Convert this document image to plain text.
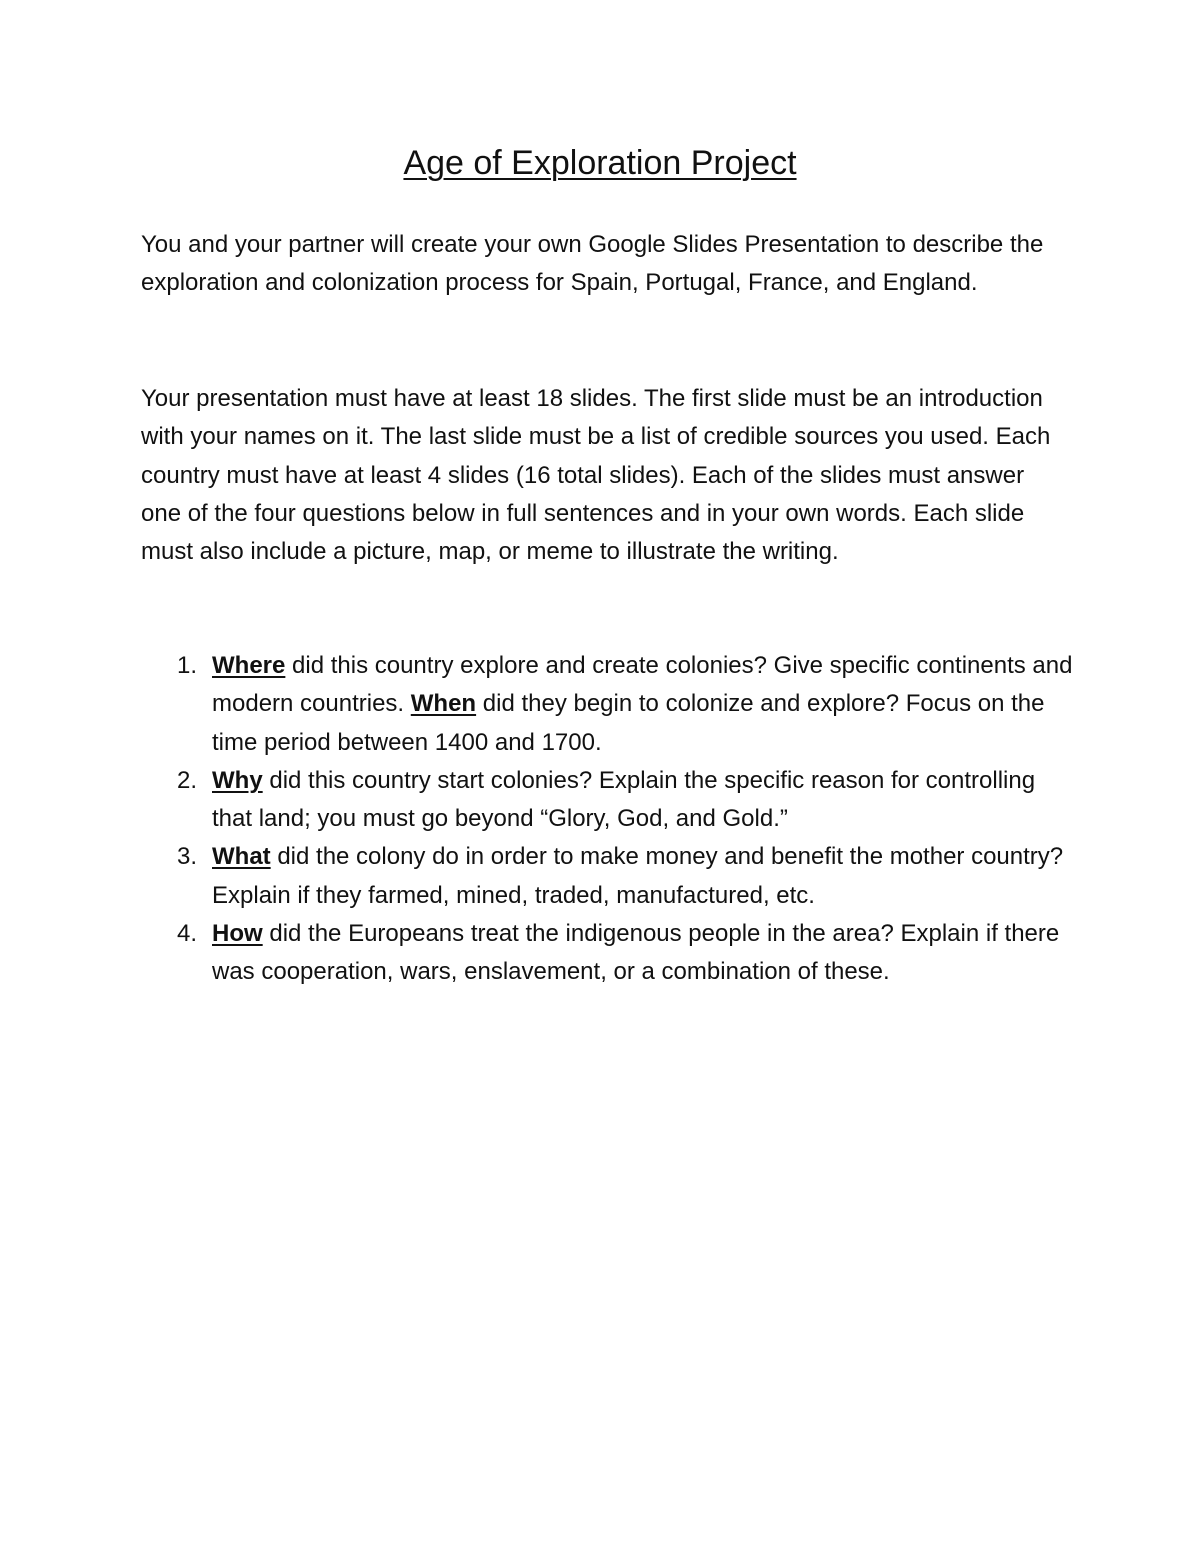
Age of Exploration Project

You and your partner will create your own Google Slides Presentation to describe the exploration and colonization process for Spain, Portugal, France, and England.

Your presentation must have at least 18 slides. The first slide must be an introduction with your names on it. The last slide must be a list of credible sources you used. Each country must have at least 4 slides (16 total slides). Each of the slides must answer one of the four questions below in full sentences and in your own words. Each slide must also include a picture, map, or meme to illustrate the writing.

1. Where did this country explore and create colonies? Give specific continents and modern countries. When did they begin to colonize and explore? Focus on the time period between 1400 and 1700.
2. Why did this country start colonies? Explain the specific reason for controlling that land; you must go beyond “Glory, God, and Gold.”
3. What did the colony do in order to make money and benefit the mother country? Explain if they farmed, mined, traded, manufactured, etc.
4. How did the Europeans treat the indigenous people in the area? Explain if there was cooperation, wars, enslavement, or a combination of these.
